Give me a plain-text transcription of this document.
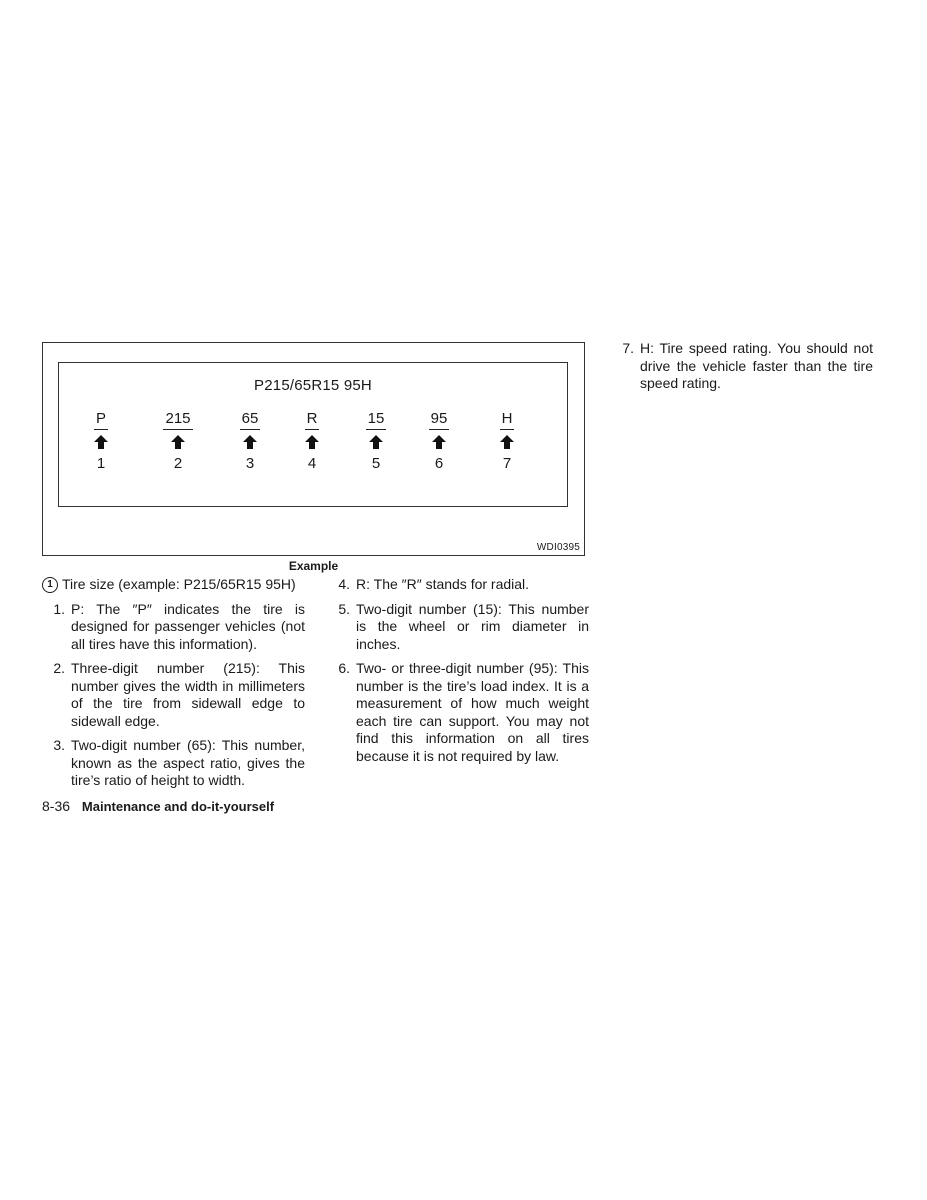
P215/65R15 95H
P
1
215
2
65
3
R
4
15
5
95
6
H
7
WDI0395
Example
1 Tire size (example: P215/65R15 95H)
1. P: The ″P″ indicates the tire is designed for passenger vehicles (not all tires have this information).
2. Three-digit number (215): This number gives the width in millimeters of the tire from sidewall edge to sidewall edge.
3. Two-digit number (65): This number, known as the aspect ratio, gives the tire’s ratio of height to width.
4. R: The ″R″ stands for radial.
5. Two-digit number (15): This number is the wheel or rim diameter in inches.
6. Two- or three-digit number (95): This number is the tire’s load index. It is a measurement of how much weight each tire can support. You may not find this information on all tires because it is not required by law.
7. H: Tire speed rating. You should not drive the vehicle faster than the tire speed rating.
8-36 Maintenance and do-it-yourself
